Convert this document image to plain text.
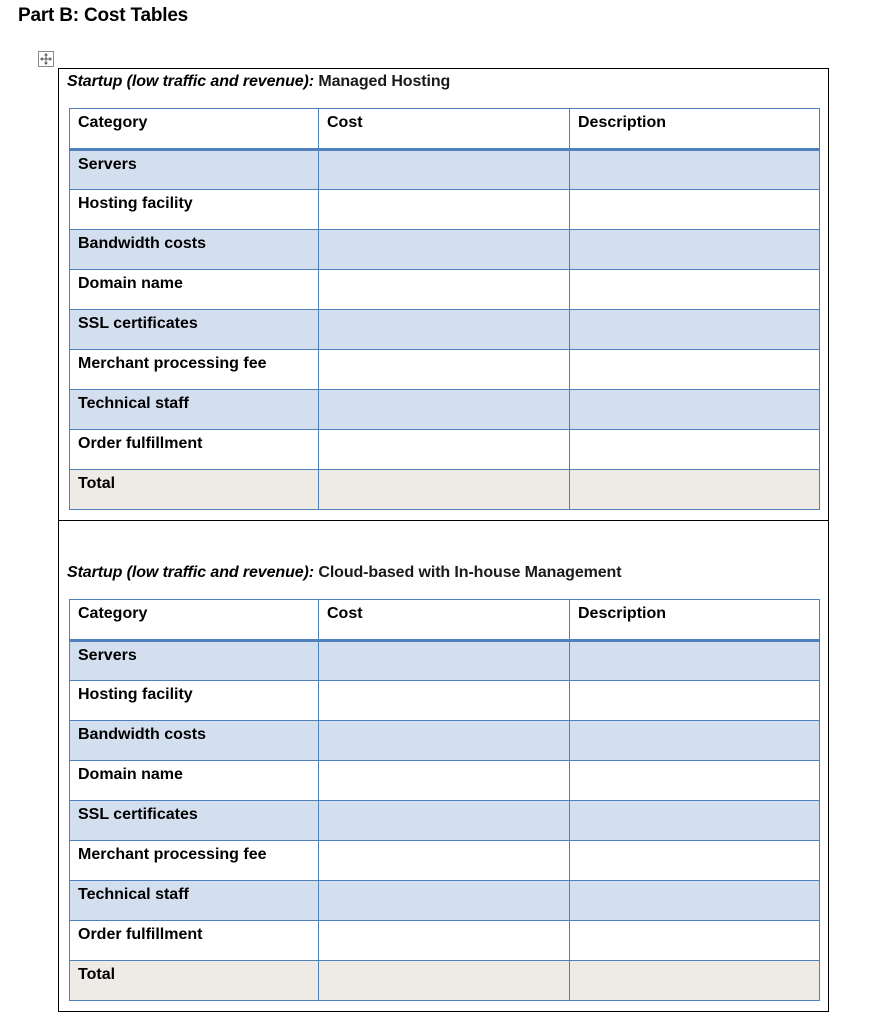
Part B: Cost Tables
Startup (low traffic and revenue): Managed Hosting
Category	Cost	Description
Servers		
Hosting facility		
Bandwidth costs		
Domain name		
SSL certificates		
Merchant processing fee		
Technical staff		
Order fulfillment		
Total		
Startup (low traffic and revenue): Cloud-based with In-house Management
Category	Cost	Description
Servers		
Hosting facility		
Bandwidth costs		
Domain name		
SSL certificates		
Merchant processing fee		
Technical staff		
Order fulfillment		
Total		
